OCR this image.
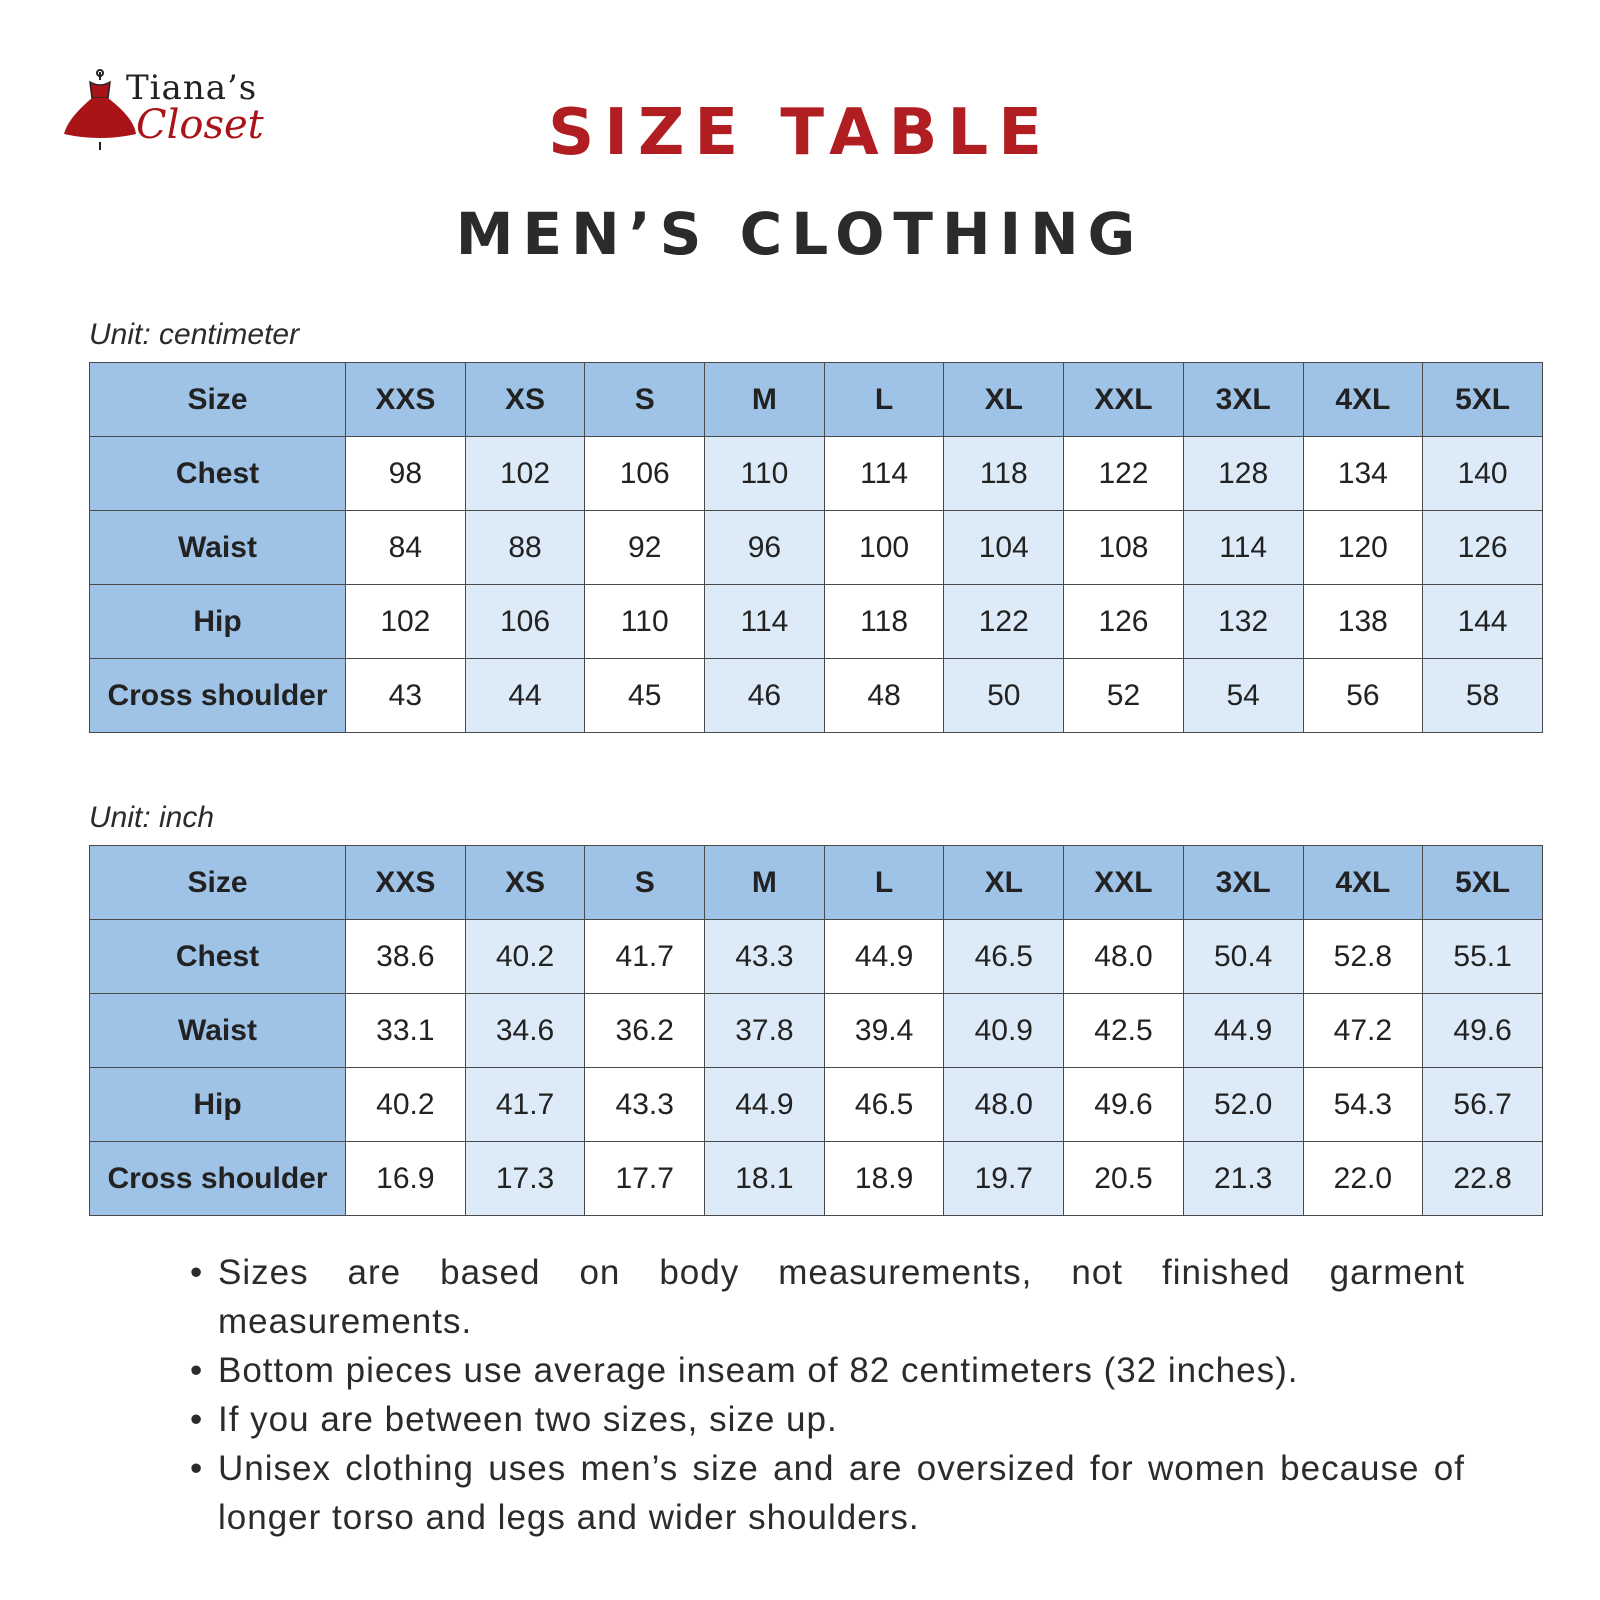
Tiana’s
Closet	SIZE TABLE
MEN’S CLOTHING
Unit: centimeter
Size	XXS	XS	S	M	L	XL	XXL	3XL	4XL	5XL
Chest	98	102	106	110	114	118	122	128	134	140
Waist	84	88	92	96	100	104	108	114	120	126
Hip	102	106	110	114	118	122	126	132	138	144
Cross shoulder	43	44	45	46	48	50	52	54	56	58
Unit: inch
Size	XXS	XS	S	M	L	XL	XXL	3XL	4XL	5XL
Chest	38.6	40.2	41.7	43.3	44.9	46.5	48.0	50.4	52.8	55.1
Waist	33.1	34.6	36.2	37.8	39.4	40.9	42.5	44.9	47.2	49.6
Hip	40.2	41.7	43.3	44.9	46.5	48.0	49.6	52.0	54.3	56.7
Cross shoulder	16.9	17.3	17.7	18.1	18.9	19.7	20.5	21.3	22.0	22.8
• Sizes are based on body measurements, not finished garment measurements.
• Bottom pieces use average inseam of 82 centimeters (32 inches).
• If you are between two sizes, size up.
• Unisex clothing uses men’s size and are oversized for women because of longer torso and legs and wider shoulders.
